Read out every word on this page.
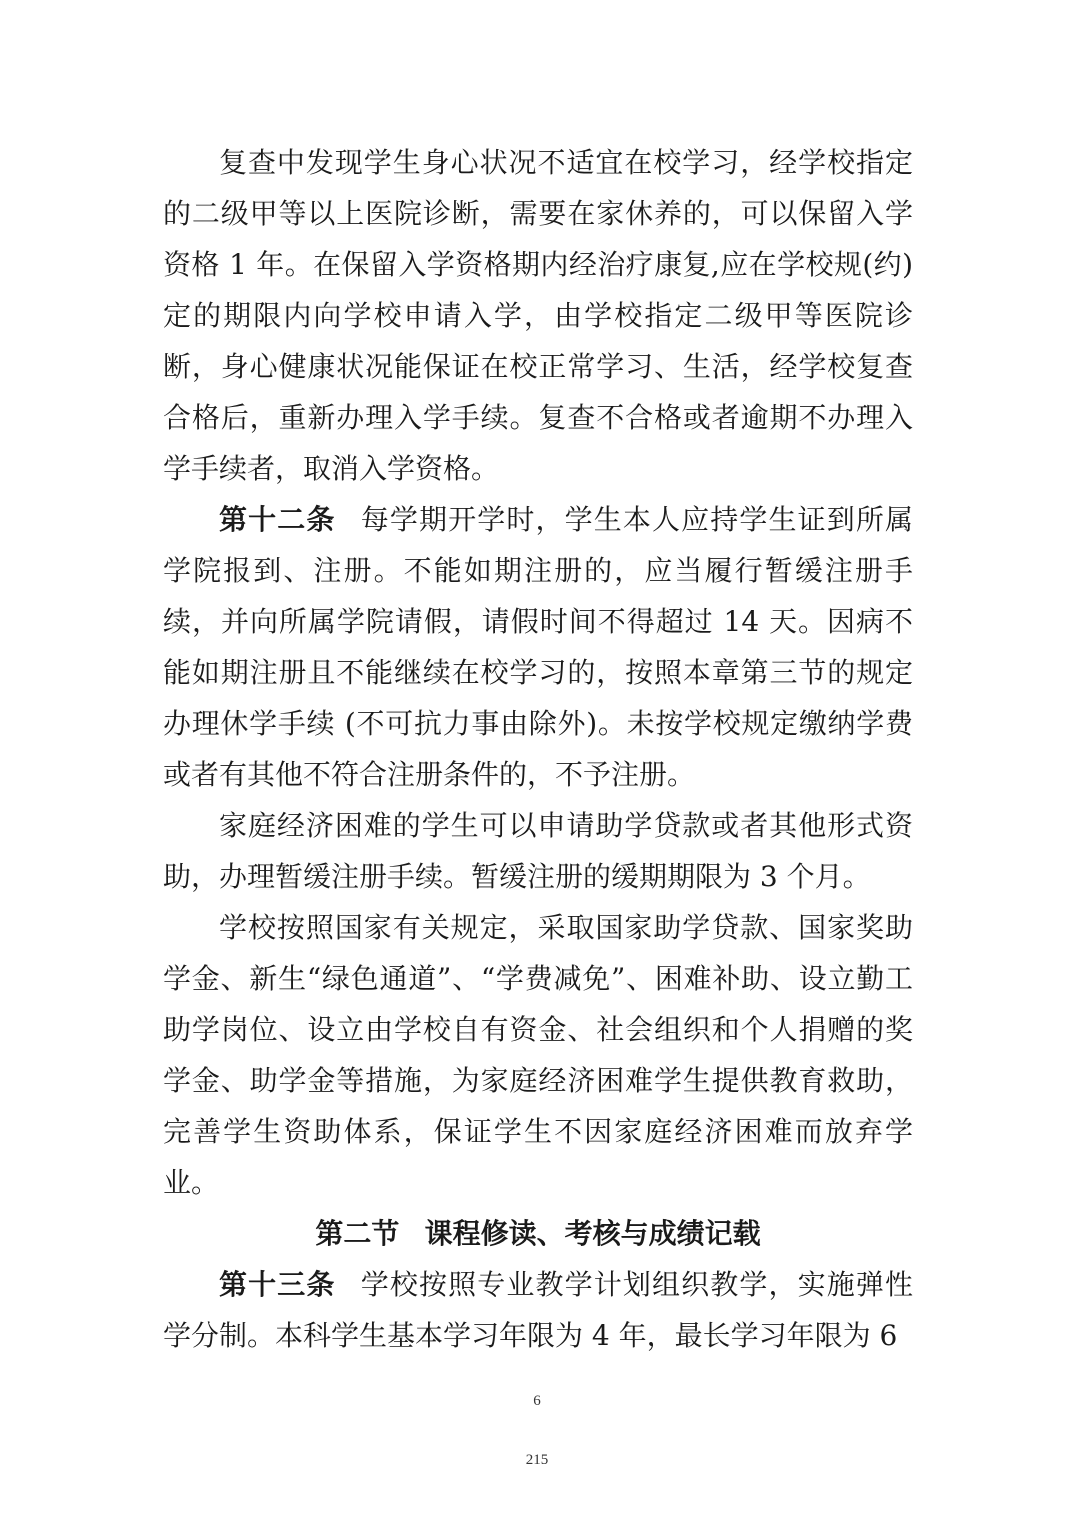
复查中发现学生身心状况不适宜在校学习，经学校指定的二级甲等以上医院诊断，需要在家休养的，可以保留入学资格 1 年。在保留入学资格期内经治疗康复,应在学校规(约)定的期限内向学校申请入学，由学校指定二级甲等医院诊断，身心健康状况能保证在校正常学习、生活，经学校复查合格后，重新办理入学手续。复查不合格或者逾期不办理入学手续者，取消入学资格。

第十二条 每学期开学时，学生本人应持学生证到所属学院报到、注册。不能如期注册的，应当履行暂缓注册手续，并向所属学院请假，请假时间不得超过 14 天。因病不能如期注册且不能继续在校学习的，按照本章第三节的规定办理休学手续 (不可抗力事由除外)。未按学校规定缴纳学费或者有其他不符合注册条件的，不予注册。

家庭经济困难的学生可以申请助学贷款或者其他形式资助，办理暂缓注册手续。暂缓注册的缓期期限为 3 个月。

学校按照国家有关规定，采取国家助学贷款、国家奖助学金、新生“绿色通道”、“学费减免”、困难补助、设立勤工助学岗位、设立由学校自有资金、社会组织和个人捐赠的奖学金、助学金等措施，为家庭经济困难学生提供教育救助，完善学生资助体系，保证学生不因家庭经济困难而放弃学业。

第二节 课程修读、考核与成绩记载

第十三条 学校按照专业教学计划组织教学，实施弹性学分制。本科学生基本学习年限为 4 年，最长学习年限为 6

6
215
